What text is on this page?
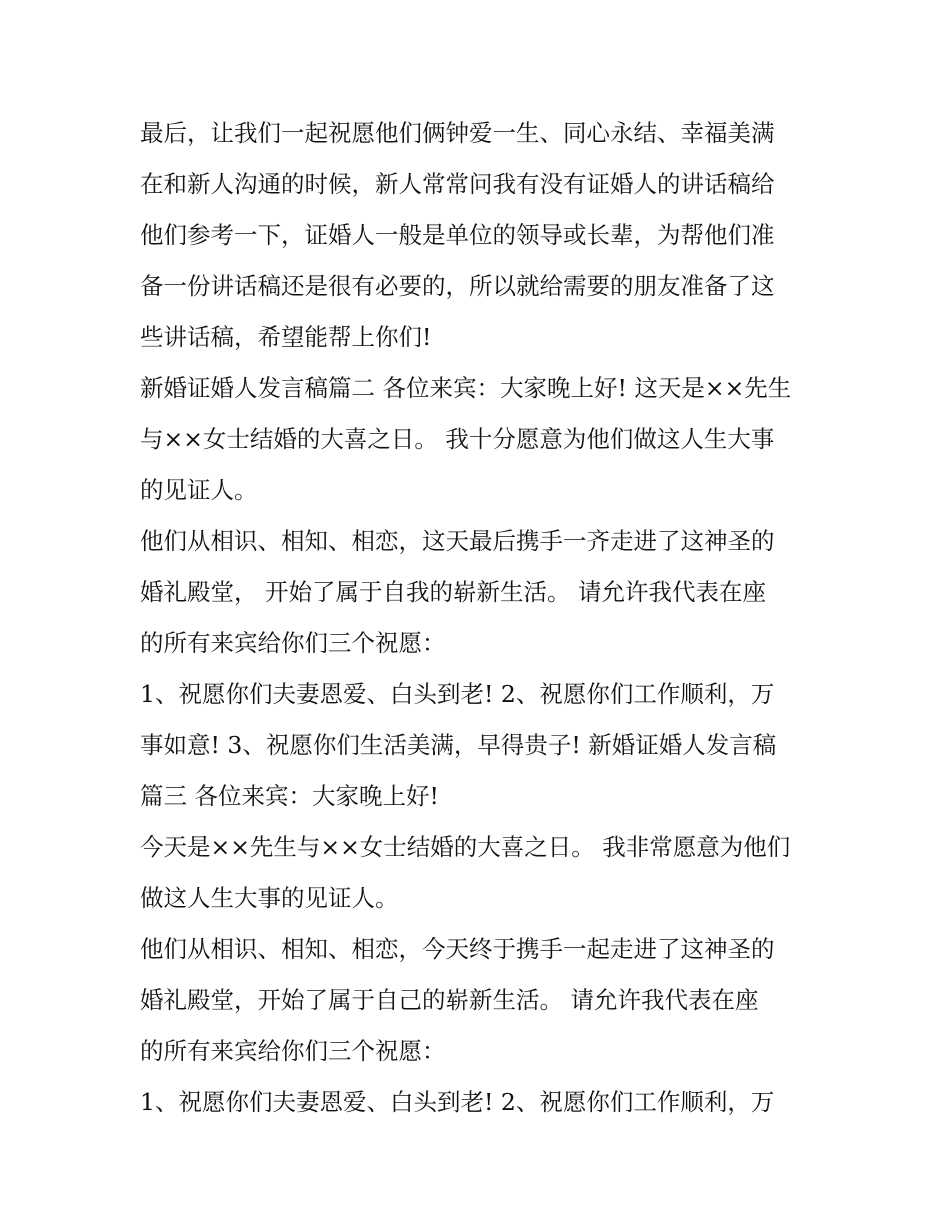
最后，让我们一起祝愿他们俩钟爱一生、同心永结、幸福美满
在和新人沟通的时候，新人常常问我有没有证婚人的讲话稿给
他们参考一下，证婚人一般是单位的领导或长辈，为帮他们准
备一份讲话稿还是很有必要的，所以就给需要的朋友准备了这
些讲话稿，希望能帮上你们!
新婚证婚人发言稿篇二 各位来宾：大家晚上好! 这天是××先生
与××女士结婚的大喜之日。 我十分愿意为他们做这人生大事
的见证人。
他们从相识、相知、相恋，这天最后携手一齐走进了这神圣的
婚礼殿堂， 开始了属于自我的崭新生活。 请允许我代表在座
的所有来宾给你们三个祝愿：
1、祝愿你们夫妻恩爱、白头到老! 2、祝愿你们工作顺利，万
事如意! 3、祝愿你们生活美满，早得贵子! 新婚证婚人发言稿
篇三 各位来宾：大家晚上好!
今天是××先生与××女士结婚的大喜之日。 我非常愿意为他们
做这人生大事的见证人。
他们从相识、相知、相恋，今天终于携手一起走进了这神圣的
婚礼殿堂，开始了属于自己的崭新生活。 请允许我代表在座
的所有来宾给你们三个祝愿：
1、祝愿你们夫妻恩爱、白头到老! 2、祝愿你们工作顺利，万
